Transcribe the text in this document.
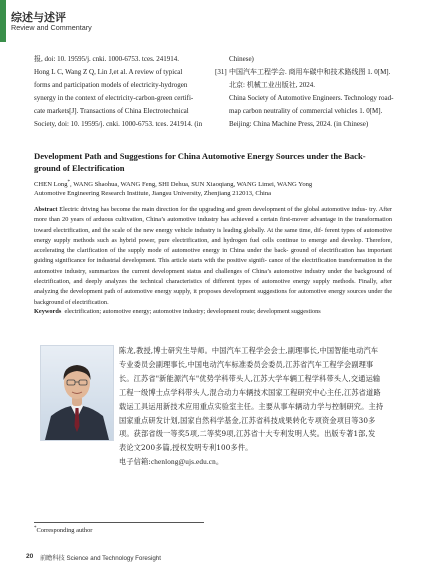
综述与述评
Review and Commentary
报, doi: 10. 19595/j. cnki. 1000-6753. tces. 241914.
Hong L C, Wang Z Q, Lin J,et al. A review of typical
forms and participation models of electricity-hydrogen
synergy in the context of electricity-carbon-green certifi-
cate markets[J]. Transactions of China Electrotechnical
Society, doi: 10. 19595/j. cnki. 1000-6753. tces. 241914. (in
Chinese)
[31] 中国汽车工程学会. 商用车碳中和技术路线图 1. 0[M].
北京: 机械工业出版社, 2024.
China Society of Automotive Engineers. Technology road-
map carbon neutrality of commercial vehicles 1. 0[M].
Beijing: China Machine Press, 2024. (in Chinese)
Development Path and Suggestions for China Automotive Energy Sources under the Back-
ground of Electrification
CHEN Long*, WANG Shaohua, WANG Feng, SHI Dehua, SUN Xiaoqiang, WANG Limei, WANG Yong
Automotive Engineering Research Institute, Jiangsu University, Zhenjiang 212013, China
Abstract Electric driving has become the main direction for the upgrading and green development of the global automotive indus- try. After more than 20 years of arduous cultivation, China’s automotive industry has achieved a certain first-mover advantage in the transformation toward electrification, and the scale of the new energy vehicle industry is leading globally. At the same time, dif- ferent types of automotive energy supply methods such as hybrid power, pure electrification, and hydrogen fuel cells continue to emerge and develop. Therefore, accelerating the clarification of the supply mode of automotive energy in China under the back- ground of electrification has important guiding significance for industrial development. This article starts with the positive signifi- cance of the electrification transformation in the automotive industry, summarizes the current development status and challenges of China’s automotive industry under the background of electrification, and deeply analyzes the technical characteristics of different types of automotive energy supply methods. Finally, after analyzing the development path of automotive energy supply, it proposes development suggestions for automotive energy sources under the background of electrification.
Keywords electrification; automotive energy; automotive industry; development route; development suggestions
陈龙,教授,博士研究生导师。中国汽车工程学会会士,副理事长,中国智能电动汽车
专业委员会副理事长,中国电动汽车标准委员会委员,江苏省汽车工程学会副理事
长。江苏省"新能源汽车"优势学科带头人,江苏大学车辆工程学科带头人,交通运输
工程一级博士点学科带头人,混合动力车辆技术国家工程研究中心主任,江苏省道路
载运工具运用新技术应用重点实验室主任。主要从事车辆动力学与控制研究。主持
国家重点研发计划,国家自然科学基金,江苏省科技成果转化专项资金项目等30多
项。获部省级一等奖5项,二等奖9项,江苏省十大专利发明人奖。出版专著1部,发
表论文200多篇,授权发明专利100多件。
电子信箱:chenlong@ujs.edu.cn。
*Corresponding author
20 前瞻科技 Science and Technology Foresight
